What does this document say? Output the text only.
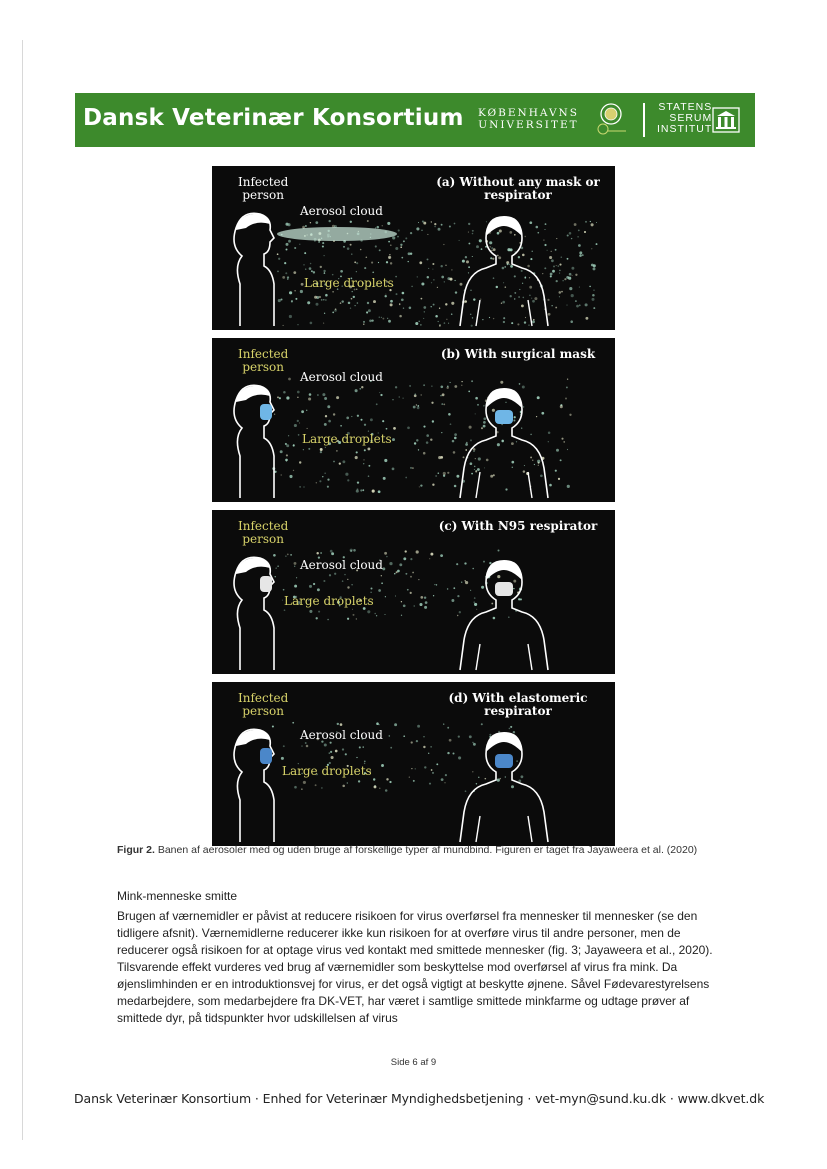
Dansk Veterinær Konsortium KØBENHAVNS
UNIVERSITET
STATENS
SERUM
INSTITUT
Infected
person
(a) Without any mask or respirator
Aerosol cloud
Large droplets
Infected
person
(b) With surgical mask
Aerosol cloud
Large droplets
Infected
person
(c) With N95 respirator
Aerosol cloud
Large droplets
Infected
person
(d) With elastomeric respirator
Aerosol cloud
Large droplets
Figur 2. Banen af aerosoler med og uden bruge af forskellige typer af mundbind. Figuren er taget fra Jayaweera et al. (2020)
Mink-menneske smitte
Brugen af værnemidler er påvist at reducere risikoen for virus overførsel fra mennesker til mennesker (se den tidligere afsnit). Værnemidlerne reducerer ikke kun risikoen for at overføre virus til andre personer, men de reducerer også risikoen for at optage virus ved kontakt med smittede mennesker (fig. 3; Jayaweera et al., 2020). Tilsvarende effekt vurderes ved brug af værnemidler som beskyttelse mod overførsel af virus fra mink. Da øjenslimhinden er en introduktionsvej for virus, er det også vigtigt at beskytte øjnene. Såvel Fødevarestyrelsens medarbejdere, som medarbejdere fra DK-VET, har været i samtlige smittede minkfarme og udtage prøver af smittede dyr, på tidspunkter hvor udskillelsen af virus
Side 6 af 9
Dansk Veterinær Konsortium · Enhed for Veterinær Myndighedsbetjening · vet-myn@sund.ku.dk · www.dkvet.dk
